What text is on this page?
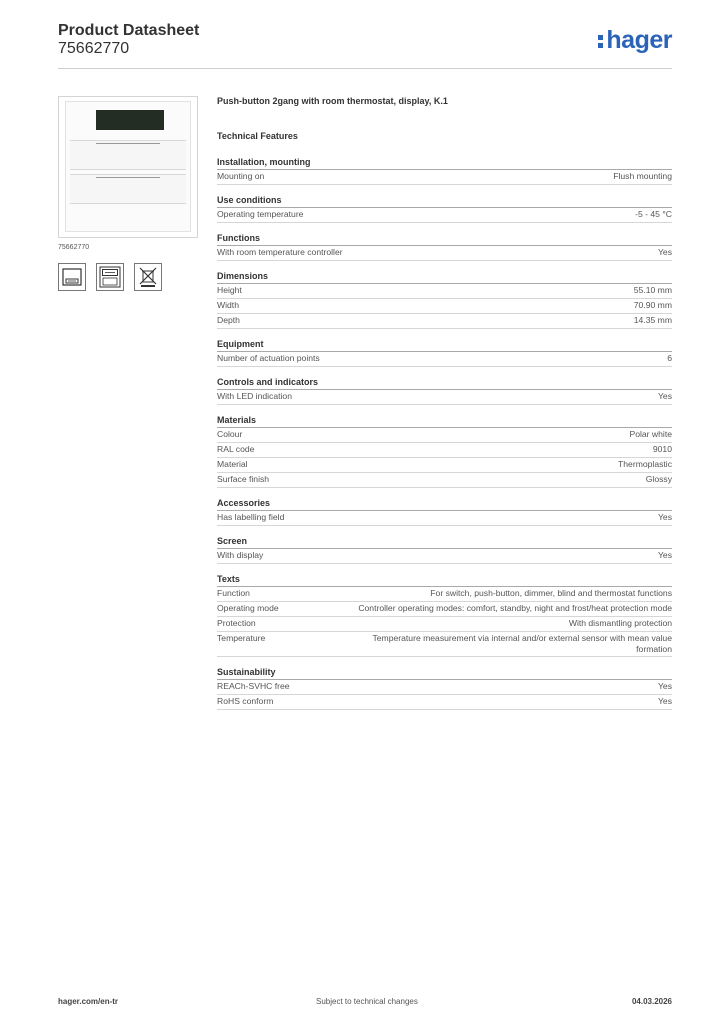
Product Datasheet
75662770	hager
75662770
Push-button 2gang with room thermostat, display, K.1
Technical Features
Installation, mounting
Mounting on	Flush mounting
Use conditions
Operating temperature	-5 - 45 °C
Functions
With room temperature controller	Yes
Dimensions
Height	55.10 mm
Width	70.90 mm
Depth	14.35 mm
Equipment
Number of actuation points	6
Controls and indicators
With LED indication	Yes
Materials
Colour	Polar white
RAL code	9010
Material	Thermoplastic
Surface finish	Glossy
Accessories
Has labelling field	Yes
Screen
With display	Yes
Texts
Function	For switch, push-button, dimmer, blind and thermostat functions
Operating mode	Controller operating modes: comfort, standby, night and frost/heat protection mode
Protection	With dismantling protection
Temperature	Temperature measurement via internal and/or external sensor with mean value formation
Sustainability
REACh-SVHC free	Yes
RoHS conform	Yes
hager.com/en-tr	Subject to technical changes	04.03.2026
